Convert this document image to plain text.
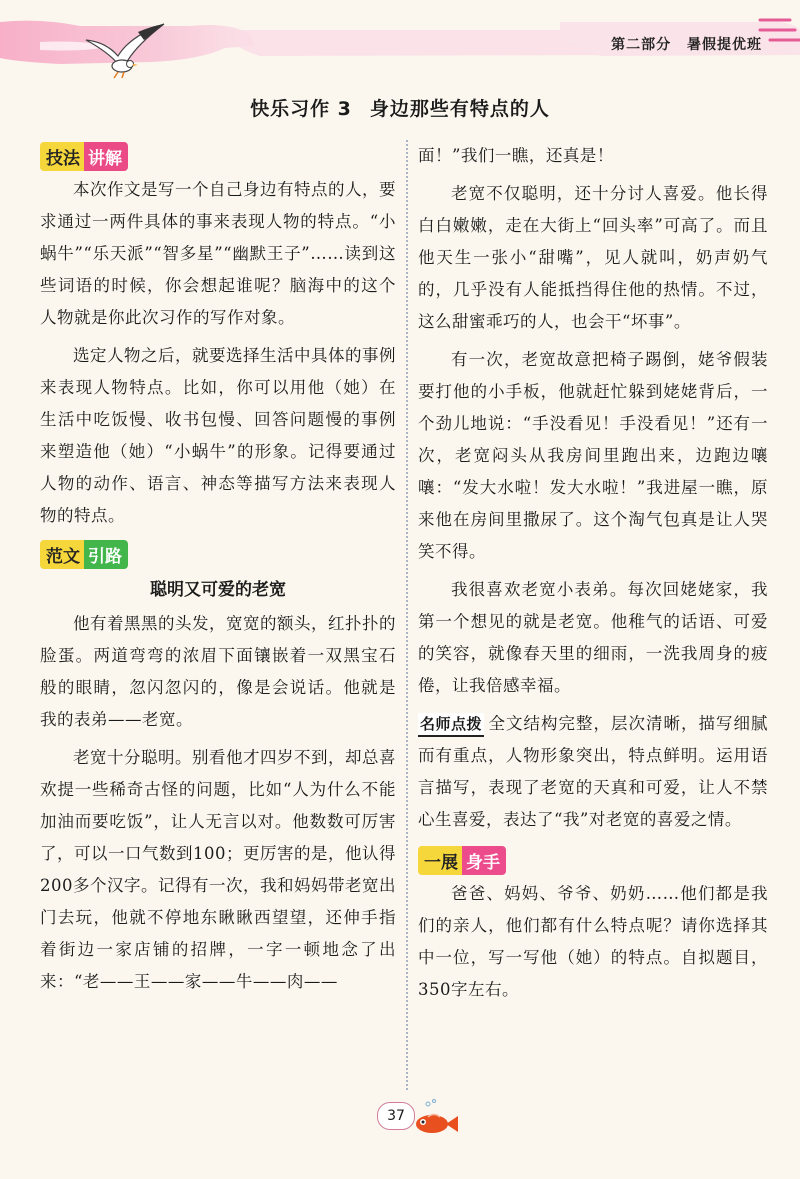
第二部分 暑假提优班
快乐习作 3 身边那些有特点的人
技法 讲解

本次作文是写一个自己身边有特点的人，要求通过一两件具体的事来表现人物的特点。“小蜗牛”“乐天派”“智多星”“幽默王子”……读到这些词语的时候，你会想起谁呢？脑海中的这个人物就是你此次习作的写作对象。

选定人物之后，就要选择生活中具体的事例来表现人物特点。比如，你可以用他（她）在生活中吃饭慢、收书包慢、回答问题慢的事例来塑造他（她）“小蜗牛”的形象。记得要通过人物的动作、语言、神态等描写方法来表现人物的特点。

范文 引路
聪明又可爱的老宽

他有着黑黑的头发，宽宽的额头，红扑扑的脸蛋。两道弯弯的浓眉下面镶嵌着一双黑宝石般的眼睛，忽闪忽闪的，像是会说话。他就是我的表弟——老宽。

老宽十分聪明。别看他才四岁不到，却总喜欢提一些稀奇古怪的问题，比如“人为什么不能加油而要吃饭”，让人无言以对。他数数可厉害了，可以一口气数到100；更厉害的是，他认得200多个汉字。记得有一次，我和妈妈带老宽出门去玩，他就不停地东瞅瞅西望望，还伸手指着街边一家店铺的招牌，一字一顿地念了出来：“老——王——家——牛——肉——

面！”我们一瞧，还真是！

老宽不仅聪明，还十分讨人喜爱。他长得白白嫩嫩，走在大街上“回头率”可高了。而且他天生一张小“甜嘴”，见人就叫，奶声奶气的，几乎没有人能抵挡得住他的热情。不过，这么甜蜜乖巧的人，也会干“坏事”。

有一次，老宽故意把椅子踢倒，姥爷假装要打他的小手板，他就赶忙躲到姥姥背后，一个劲儿地说：“手没看见！手没看见！”还有一次，老宽闷头从我房间里跑出来，边跑边嚷嚷：“发大水啦！发大水啦！”我进屋一瞧，原来他在房间里撒尿了。这个淘气包真是让人哭笑不得。

我很喜欢老宽小表弟。每次回姥姥家，我第一个想见的就是老宽。他稚气的话语、可爱的笑容，就像春天里的细雨，一洗我周身的疲倦，让我倍感幸福。

名师点拨 全文结构完整，层次清晰，描写细腻而有重点，人物形象突出，特点鲜明。运用语言描写，表现了老宽的天真和可爱，让人不禁心生喜爱，表达了“我”对老宽的喜爱之情。

一展 身手

爸爸、妈妈、爷爷、奶奶……他们都是我们的亲人，他们都有什么特点呢？请你选择其中一位，写一写他（她）的特点。自拟题目，350字左右。

37
